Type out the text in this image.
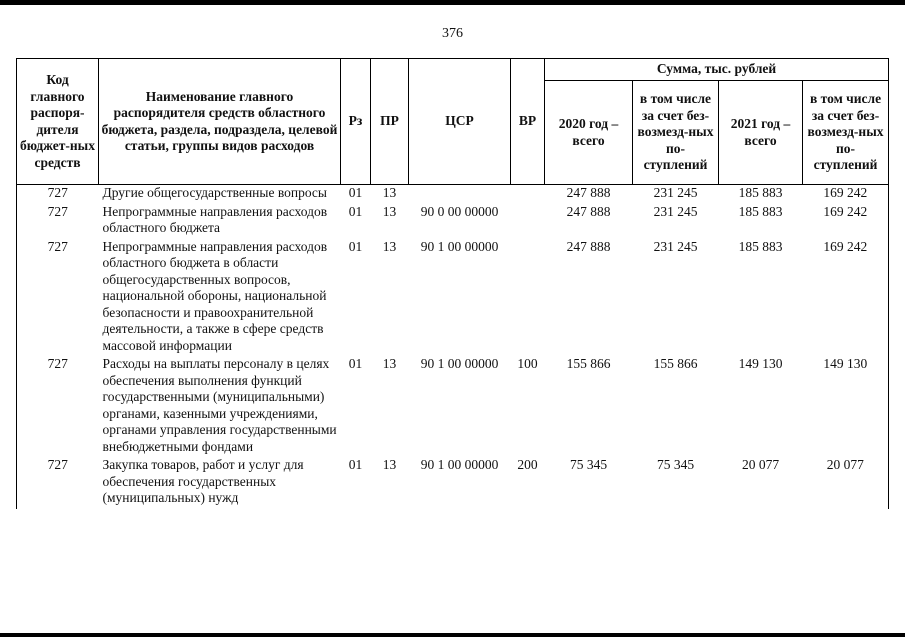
376
Код главного распоря-дителя бюджет-ных средств	Наименование главного распорядителя средств областного бюджета, раздела, подраздела, целевой статьи, группы видов расходов	Рз	ПР	ЦСР	ВР	Сумма, тыс. рублей			
						2020 год – всего	в том числе за счет без-возмезд-ных по-ступлений	2021 год – всего	в том числе за счет без-возмезд-ных по-ступлений
727	Другие общегосударственные вопросы	01	13			247 888	231 245	185 883	169 242
727	Непрограммные направления расходов областного бюджета	01	13	90 0 00 00000		247 888	231 245	185 883	169 242
727	Непрограммные направления расходов областного бюджета в области общегосударственных вопросов, национальной обороны, национальной безопасности и правоохранительной деятельности, а также в сфере средств массовой информации	01	13	90 1 00 00000		247 888	231 245	185 883	169 242
727	Расходы на выплаты персоналу в целях обеспечения выполнения функций государственными (муниципальными) органами, казенными учреждениями, органами управления государственными внебюджетными фондами	01	13	90 1 00 00000	100	155 866	155 866	149 130	149 130
727	Закупка товаров, работ и услуг для обеспечения государственных (муниципальных) нужд	01	13	90 1 00 00000	200	75 345	75 345	20 077	20 077
